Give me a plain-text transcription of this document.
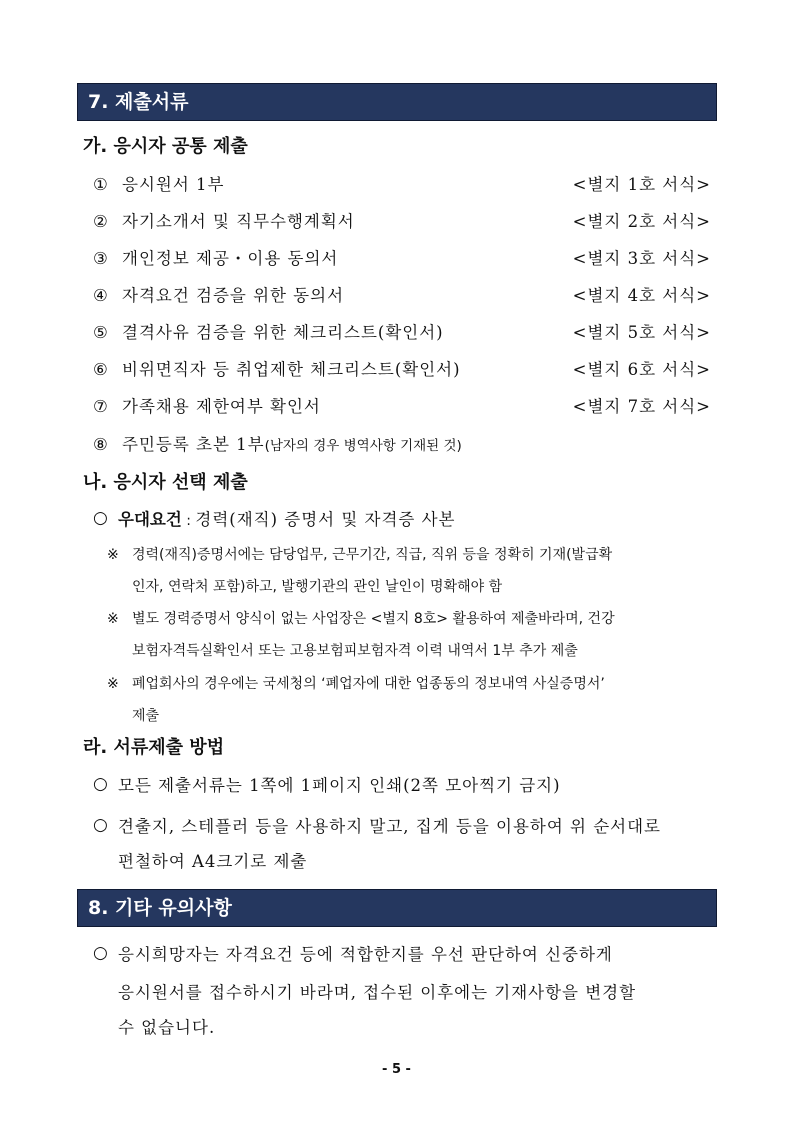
7. 제출서류
가. 응시자 공통 제출
① 응시원서 1부	<별지 1호 서식>
② 자기소개서 및 직무수행계획서	<별지 2호 서식>
③ 개인정보 제공・이용 동의서	<별지 3호 서식>
④ 자격요건 검증을 위한 동의서	<별지 4호 서식>
⑤ 결격사유 검증을 위한 체크리스트(확인서)	<별지 5호 서식>
⑥ 비위면직자 등 취업제한 체크리스트(확인서)	<별지 6호 서식>
⑦ 가족채용 제한여부 확인서	<별지 7호 서식>
⑧ 주민등록 초본 1부(남자의 경우 병역사항 기재된 것)
나. 응시자 선택 제출
○ 우대요건 : 경력(재직) 증명서 및 자격증 사본
※ 경력(재직)증명서에는 담당업무, 근무기간, 직급, 직위 등을 정확히 기재(발급확
인자, 연락처 포함)하고, 발행기관의 관인 날인이 명확해야 함
※ 별도 경력증명서 양식이 없는 사업장은 <별지 8호> 활용하여 제출바라며, 건강
보험자격득실확인서 또는 고용보험피보험자격 이력 내역서 1부 추가 제출
※ 폐업회사의 경우에는 국세청의 ‘폐업자에 대한 업종동의 정보내역 사실증명서’
제출
라. 서류제출 방법
○ 모든 제출서류는 1쪽에 1페이지 인쇄(2쪽 모아찍기 금지)
○ 견출지, 스테플러 등을 사용하지 말고, 집게 등을 이용하여 위 순서대로
편철하여 A4크기로 제출
8. 기타 유의사항
○ 응시희망자는 자격요건 등에 적합한지를 우선 판단하여 신중하게
응시원서를 접수하시기 바라며, 접수된 이후에는 기재사항을 변경할
수 없습니다.
- 5 -
